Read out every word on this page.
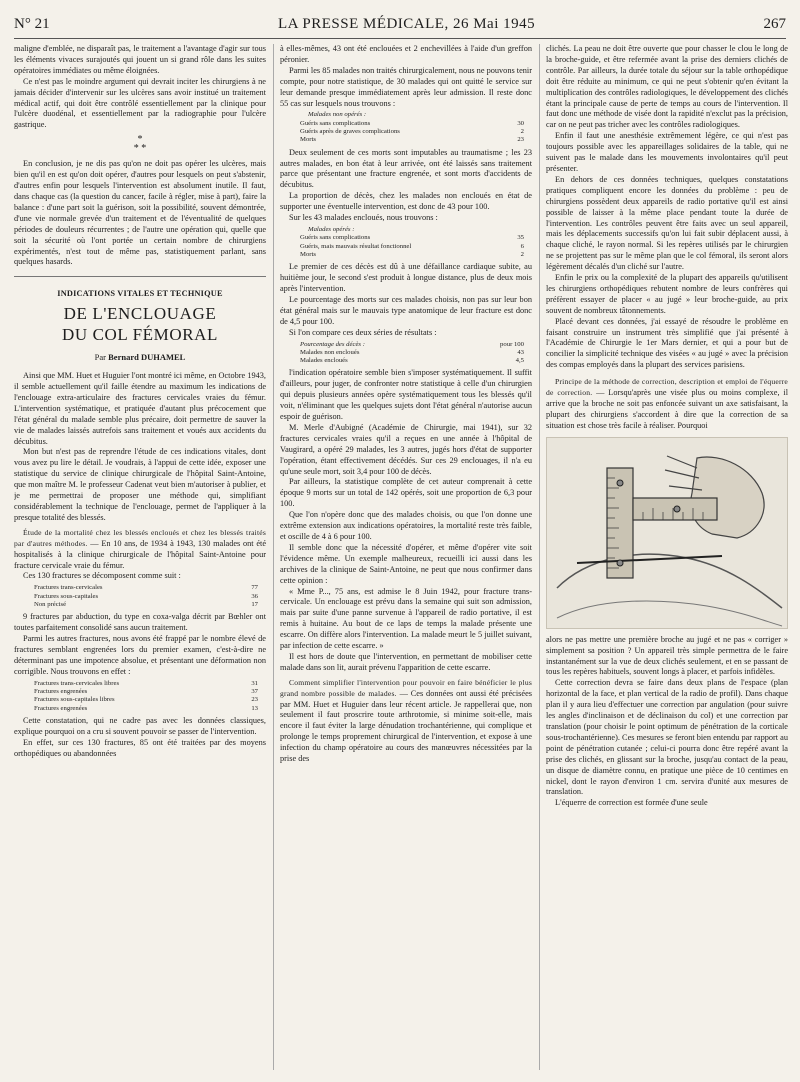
N° 21	LA PRESSE MÉDICALE, 26 Mai 1945	267

maligne d'emblée, ne disparaît pas, le traitement a l'avantage d'agir sur tous les éléments vivaces surajoutés qui jouent un si grand rôle dans les suites opératoires immédiates ou même éloignées.

Ce n'est pas le moindre argument qui devrait inciter les chirurgiens à ne jamais décider d'intervenir sur les ulcères sans avoir institué un traitement médical actif, qui doit être contrôlé essentiellement par la clinique pour l'ulcère duodénal, et essentiellement par la radiographie pour l'ulcère gastrique.

*
* *

En conclusion, je ne dis pas qu'on ne doit pas opérer les ulcères, mais bien qu'il en est qu'on doit opérer, d'autres pour lesquels on peut s'abstenir, d'autres enfin pour lesquels l'intervention est absolument inutile. Il faut, dans chaque cas (la question du cancer, facile à régler, mise à part), faire la balance : d'une part soit la guérison, soit la possibilité, souvent démontrée, d'une vie normale grevée d'un traitement et de l'éventualité de quelques périodes de douleurs récurrentes ; de l'autre une opération qui, quelle que soit la sécurité où l'ont portée un certain nombre de chirurgiens expérimentés, n'est tout de même pas, statistiquement parlant, sans quelques hasards.

INDICATIONS VITALES ET TECHNIQUE
DE L'ENCLOUAGE
DU COL FÉMORAL
Par Bernard DUHAMEL

Ainsi que MM. Huet et Huguier l'ont montré ici même, en Octobre 1943, il semble actuellement qu'il faille étendre au maximum les indications de l'enclouage extra-articulaire des fractures cervicales vraies du fémur. L'intervention systématique, et pratiquée d'autant plus précocement que l'état général du malade semble plus précaire, doit permettre de sauver la vie de malades laissés autrefois sans traitement et voués aux accidents du décubitus.

Mon but n'est pas de reprendre l'étude de ces indications vitales, dont vous avez pu lire le détail. Je voudrais, à l'appui de cette idée, exposer une statistique du service de clinique chirurgicale de l'hôpital Saint-Antoine, que mon maître M. le professeur Cadenat veut bien m'autoriser à publier, et je me permettrai de proposer une méthode qui, simplifiant considérablement la technique de l'enclouage, permet de l'appliquer à la presque totalité des blessés.

Étude de la mortalité chez les blessés encloués et chez les blessés traités par d'autres méthodes. — En 10 ans, de 1934 à 1943, 130 malades ont été hospitalisés à la clinique chirurgicale de l'hôpital Saint-Antoine pour fracture cervicale vraie du fémur.

Ces 130 fractures se décomposent comme suit :

Fractures trans-cervicales	77
Fractures sous-capitales	36
Non précisé	17

9 fractures par abduction, du type en coxa-valga décrit par Bœhler ont toutes parfaitement consolidé sans aucun traitement.

Parmi les autres fractures, nous avons été frappé par le nombre élevé de fractures semblant engrenées lors du premier examen, c'est-à-dire ne déterminant pas une impotence absolue, et présentant une déformation non corrigible. Nous trouvons en effet :

Fractures trans-cervicales libres	31
Fractures engrenées	37
Fractures sous-capitales libres	23
Fractures engrenées	13

Cette constatation, qui ne cadre pas avec les données classiques, explique pourquoi on a cru si souvent pouvoir se passer de l'intervention.

En effet, sur ces 130 fractures, 85 ont été traitées par des moyens orthopédiques ou abandonnées

à elles-mêmes, 43 ont été enclouées et 2 enchevillées à l'aide d'un greffon péronier.

Parmi les 85 malades non traités chirurgicalement, nous ne pouvons tenir compte, pour notre statistique, de 30 malades qui ont quitté le service sur leur demande presque immédiatement après leur admission. Il reste donc 55 cas sur lesquels nous trouvons :

Malades non opérés :
Guéris sans complications	30
Guéris après de graves complications	2
Morts	23

Deux seulement de ces morts sont imputables au traumatisme ; les 23 autres malades, en bon état à leur arrivée, ont été laissés sans traitement parce que présentant une fracture engrenée, et sont morts d'accidents de décubitus.

La proportion de décès, chez les malades non encloués en état de supporter une éventuelle intervention, est donc de 43 pour 100.

Sur les 43 malades encloués, nous trouvons :

Malades opérés :
Guéris sans complications	35
Guéris, mais mauvais résultat fonctionnel	6
Morts	2

Le premier de ces décès est dû à une défaillance cardiaque subite, au huitième jour, le second s'est produit à longue distance, plus de deux mois après l'intervention.

Le pourcentage des morts sur ces malades choisis, non pas sur leur bon état général mais sur le mauvais type anatomique de leur fracture est donc de 4,5 pour 100.

Si l'on compare ces deux séries de résultats :

Pourcentage des décès :	pour 100
Malades non encloués	43
Malades encloués	4,5

l'indication opératoire semble bien s'imposer systématiquement. Il suffit d'ailleurs, pour juger, de confronter notre statistique à celle d'un chirurgien qui depuis plusieurs années opère systématiquement tous les blessés qu'il voit, n'éliminant que les quelques sujets dont l'état général n'autorise aucun espoir de guérison.

M. Merle d'Aubigné (Académie de Chirurgie, mai 1941), sur 32 fractures cervicales vraies qu'il a reçues en une année à l'hôpital de Vaugirard, a opéré 29 malades, les 3 autres, jugés hors d'état de supporter l'opération, étant effectivement décédés. Sur ces 29 enclouages, il n'a eu qu'une seule mort, soit 3,4 pour 100 de décès.

Par ailleurs, la statistique complète de cet auteur comprenait à cette époque 9 morts sur un total de 142 opérés, soit une proportion de 6,3 pour 100.

Que l'on n'opère donc que des malades choisis, ou que l'on donne une extrême extension aux indications opératoires, la mortalité reste très faible, et oscille de 4 à 6 pour 100.

Il semble donc que la nécessité d'opérer, et même d'opérer vite soit l'évidence même. Un exemple malheureux, recueilli ici aussi dans les archives de la clinique de Saint-Antoine, ne peut que nous confirmer dans cette opinion :

« Mme P..., 75 ans, est admise le 8 Juin 1942, pour fracture trans-cervicale. Un enclouage est prévu dans la semaine qui suit son admission, mais par suite d'une panne survenue à l'appareil de radio portative, il est remis à huitaine. Au bout de ce laps de temps la malade présente une escarre. On diffère alors l'intervention. La malade meurt le 5 juillet suivant, par infection de cette escarre. »

Il est hors de doute que l'intervention, en permettant de mobiliser cette malade dans son lit, aurait prévenu l'apparition de cette escarre.

Comment simplifier l'intervention pour pouvoir en faire bénéficier le plus grand nombre possible de malades. — Ces données ont aussi été précisées par MM. Huet et Huguier dans leur récent article. Je rappellerai que, non seulement il faut proscrire toute arthrotomie, si minime soit-elle, mais encore il faut éviter la large dénudation trochantérienne, qui complique et prolonge le temps proprement chirurgical de l'intervention, et expose à une infection du champ opératoire au cours des manœuvres nécessitées par la prise des

clichés. La peau ne doit être ouverte que pour chasser le clou le long de la broche-guide, et être refermée avant la prise des derniers clichés de contrôle. Par ailleurs, la durée totale du séjour sur la table orthopédique doit être réduite au minimum, ce qui ne peut s'obtenir qu'en évitant la multiplication des contrôles radiologiques, le développement des clichés étant la principale cause de perte de temps au cours de l'intervention. Il faut donc une méthode de visée dont la rapidité n'exclut pas la précision, car on ne peut pas tricher avec les contrôles radiologiques.

Enfin il faut une anesthésie extrêmement légère, ce qui n'est pas toujours possible avec les appareillages solidaires de la table, qui ne suivent pas le malade dans les mouvements involontaires qu'il peut présenter.

En dehors de ces données techniques, quelques constatations pratiques compliquent encore les données du problème : peu de chirurgiens possèdent deux appareils de radio portative qu'il est ainsi possible de laisser à la même place pendant toute la durée de l'intervention. Les contrôles peuvent être faits avec un seul appareil, mais les déplacements successifs qu'on lui fait subir déplacent aussi, à chaque cliché, le rayon normal. Si les repères utilisés par le chirurgien ne se projettent pas sur le même plan que le col fémoral, ils seront alors légèrement décalés d'un cliché sur l'autre.

Enfin le prix ou la complexité de la plupart des appareils qu'utilisent les chirurgiens orthopédiques rebutent nombre de leurs confrères qui préfèrent essayer de placer « au jugé » leur broche-guide, au prix souvent de nombreux tâtonnements.

Placé devant ces données, j'ai essayé de résoudre le problème en faisant construire un instrument très simplifié que j'ai présenté à l'Académie de Chirurgie le 1er Mars dernier, et qui a pour but de concilier la simplicité technique des visées « au jugé » avec la précision des compas employés dans la plupart des services parisiens.

Principe de la méthode de correction, description et emploi de l'équerre de correction. — Lorsqu'après une visée plus ou moins complexe, il arrive que la broche ne soit pas enfoncée suivant un axe satisfaisant, la plupart des chirurgiens s'accordent à dire que la correction de sa situation est chose très facile à réaliser. Pourquoi

alors ne pas mettre une première broche au jugé et ne pas « corriger » simplement sa position ? Un appareil très simple permettra de le faire instantanément sur la vue de deux clichés seulement, et en se passant de tous les repères habituels, souvent longs à placer, et parfois infidèles.

Cette correction devra se faire dans deux plans de l'espace (plan horizontal de la face, et plan vertical de la radio de profil). Dans chaque plan il y aura lieu d'effectuer une correction par angulation (pour suivre les angles d'inclinaison et de déclinaison du col) et une correction par translation (pour choisir le point optimum de pénétration de la corticale sous-trochantérienne). Ces mesures se feront bien entendu par rapport au point de pénétration cutanée ; celui-ci pourra donc être repéré avant la prise des clichés, en glissant sur la broche, jusqu'au contact de la peau, un disque de diamètre connu, en pratique une pièce de 10 centimes en nickel, dont le rayon d'environ 1 cm. servira d'unité aux mesures de translation.

L'équerre de correction est formée d'une seule
